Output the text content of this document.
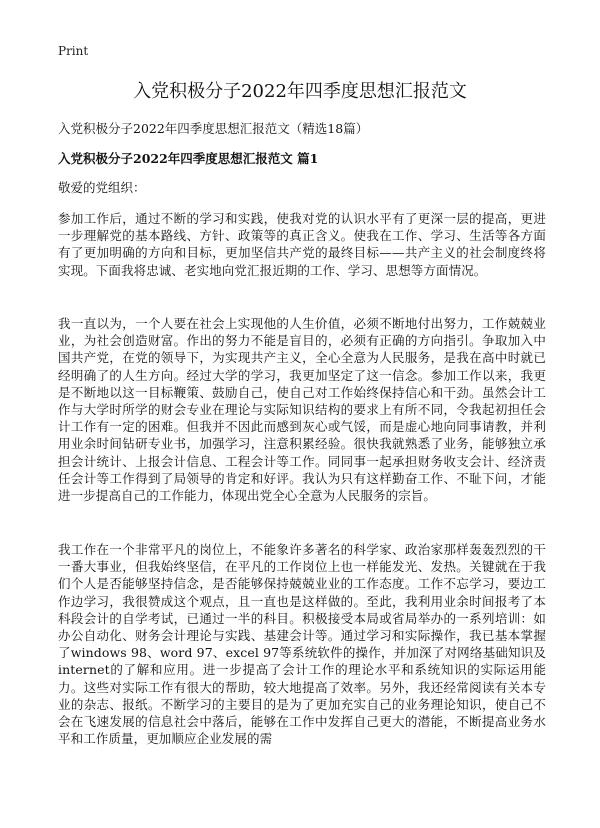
Print
入党积极分子2022年四季度思想汇报范文

入党积极分子2022年四季度思想汇报范文（精选18篇）

入党积极分子2022年四季度思想汇报范文 篇1

敬爱的党组织：

参加工作后，通过不断的学习和实践，使我对党的认识水平有了更深一层的提高，更进一步理解党的基本路线、方针、政策等的真正含义。使我在工作、学习、生活等各方面有了更加明确的方向和目标，更加坚信共产党的最终目标——共产主义的社会制度终将实现。下面我将忠诚、老实地向党汇报近期的工作、学习、思想等方面情况。

我一直以为，一个人要在社会上实现他的人生价值，必须不断地付出努力，工作兢兢业业，为社会创造财富。作出的努力不能是盲目的，必须有正确的方向指引。争取加入中国共产党，在党的领导下，为实现共产主义，全心全意为人民服务，是我在高中时就已经明确了的人生方向。经过大学的学习，我更加坚定了这一信念。参加工作以来，我更是不断地以这一目标鞭策、鼓励自己，使自己对工作始终保持信心和干劲。虽然会计工作与大学时所学的财会专业在理论与实际知识结构的要求上有所不同，令我起初担任会计工作有一定的困难。但我并不因此而感到灰心或气馁，而是虚心地向同事请教，并利用业余时间钻研专业书，加强学习，注意积累经验。很快我就熟悉了业务，能够独立承担会计统计、上报会计信息、工程会计等工作。同同事一起承担财务收支会计、经济责任会计等工作得到了局领导的肯定和好评。我认为只有这样勤奋工作、不耻下问，才能进一步提高自己的工作能力，体现出党全心全意为人民服务的宗旨。

我工作在一个非常平凡的岗位上，不能象许多著名的科学家、政治家那样轰轰烈烈的干一番大事业，但我始终坚信，在平凡的工作岗位上也一样能发光、发热。关键就在于我们个人是否能够坚持信念，是否能够保持兢兢业业的工作态度。工作不忘学习，要边工作边学习，我很赞成这个观点，且一直也是这样做的。至此，我利用业余时间报考了本科段会计的自学考试，已通过一半的科目。积极接受本局或省局举办的一系列培训：如办公自动化、财务会计理论与实践、基建会计等。通过学习和实际操作，我已基本掌握了windows 98、word 97、excel 97等系统软件的操作，并加深了对网络基础知识及internet的了解和应用。进一步提高了会计工作的理论水平和系统知识的实际运用能力。这些对实际工作有很大的帮助，较大地提高了效率。另外，我还经常阅读有关本专业的杂志、报纸。不断学习的主要目的是为了更加充实自己的业务理论知识，使自己不会在飞速发展的信息社会中落后，能够在工作中发挥自己更大的潜能，不断提高业务水平和工作质量，更加顺应企业发展的需
